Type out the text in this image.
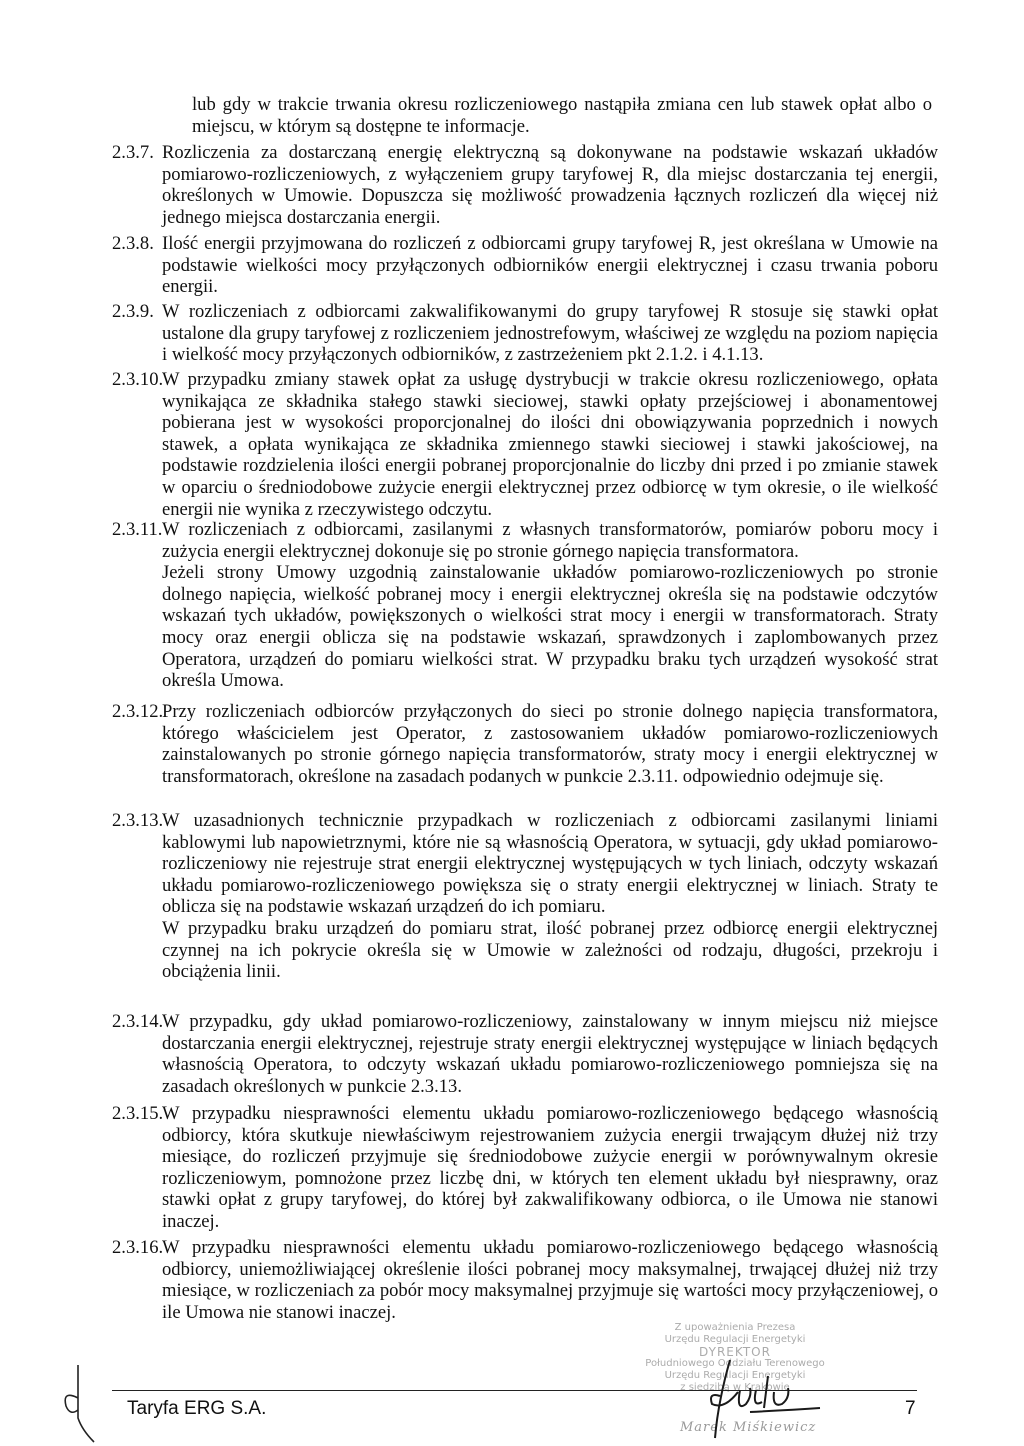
lub gdy w trakcie trwania okresu rozliczeniowego nastąpiła zmiana cen lub stawek opłat albo o miejscu, w którym są dostępne te informacje.
2.3.7. Rozliczenia za dostarczaną energię elektryczną są dokonywane na podstawie wskazań układów pomiarowo-rozliczeniowych, z wyłączeniem grupy taryfowej R, dla miejsc dostarczania tej energii, określonych w Umowie. Dopuszcza się możliwość prowadzenia łącznych rozliczeń dla więcej niż jednego miejsca dostarczania energii.

2.3.8. Ilość energii przyjmowana do rozliczeń z odbiorcami grupy taryfowej R, jest określana w Umowie na podstawie wielkości mocy przyłączonych odbiorników energii elektrycznej i czasu trwania poboru energii.

2.3.9. W rozliczeniach z odbiorcami zakwalifikowanymi do grupy taryfowej R stosuje się stawki opłat ustalone dla grupy taryfowej z rozliczeniem jednostrefowym, właściwej ze względu na poziom napięcia i wielkość mocy przyłączonych odbiorników, z zastrzeżeniem pkt 2.1.2. i 4.1.13.

2.3.10.

W przypadku zmiany stawek opłat za usługę dystrybucji w trakcie okresu rozliczeniowego, opłata wynikająca ze składnika stałego stawki sieciowej, stawki opłaty przejściowej i abonamentowej pobierana jest w wysokości proporcjonalnej do ilości dni obowiązywania poprzednich i nowych stawek, a opłata wynikająca ze składnika zmiennego stawki sieciowej i stawki jakościowej, na podstawie rozdzielenia ilości energii pobranej proporcjonalnie do liczby dni przed i po zmianie stawek w oparciu o średniodobowe zużycie energii elektrycznej przez odbiorcę w tym okresie, o ile wielkość energii nie wynika z rzeczywistego odczytu.

2.3.11. W rozliczeniach z odbiorcami, zasilanymi z własnych transformatorów, pomiarów poboru mocy i zużycia energii elektrycznej dokonuje się po stronie górnego napięcia transformatora.

Jeżeli strony Umowy uzgodnią zainstalowanie układów pomiarowo-rozliczeniowych po stronie dolnego napięcia, wielkość pobranej mocy i energii elektrycznej określa się na podstawie odczytów wskazań tych układów, powiększonych o wielkości strat mocy i energii w transformatorach. Straty mocy oraz energii oblicza się na podstawie wskazań, sprawdzonych i zaplombowanych przez Operatora, urządzeń do pomiaru wielkości strat. W przypadku braku tych urządzeń wysokość strat określa Umowa.

2.3.12.

Przy rozliczeniach odbiorców przyłączonych do sieci po stronie dolnego napięcia transformatora, którego właścicielem jest Operator, z zastosowaniem układów pomiarowo-rozliczeniowych zainstalowanych po stronie górnego napięcia transformatorów, straty mocy i energii elektrycznej w transformatorach, określone na zasadach podanych w punkcie 2.3.11. odpowiednio odejmuje się.

2.3.13.

W uzasadnionych technicznie przypadkach w rozliczeniach z odbiorcami zasilanymi liniami kablowymi lub napowietrznymi, które nie są własnością Operatora, w sytuacji, gdy układ pomiarowo-rozliczeniowy nie rejestruje strat energii elektrycznej występujących w tych liniach, odczyty wskazań układu pomiarowo-rozliczeniowego powiększa się o straty energii elektrycznej w liniach. Straty te oblicza się na podstawie wskazań urządzeń do ich pomiaru.

W przypadku braku urządzeń do pomiaru strat, ilość pobranej przez odbiorcę energii elektrycznej czynnej na ich pokrycie określa się w Umowie w zależności od rodzaju, długości, przekroju i obciążenia linii.

2.3.14.

W przypadku, gdy układ pomiarowo-rozliczeniowy, zainstalowany w innym miejscu niż miejsce dostarczania energii elektrycznej, rejestruje straty energii elektrycznej występujące w liniach będących własnością Operatora, to odczyty wskazań układu pomiarowo-rozliczeniowego pomniejsza się na zasadach określonych w punkcie 2.3.13.

2.3.15.

W przypadku niesprawności elementu układu pomiarowo-rozliczeniowego będącego własnością odbiorcy, która skutkuje niewłaściwym rejestrowaniem zużycia energii trwającym dłużej niż trzy miesiące, do rozliczeń przyjmuje się średniodobowe zużycie energii w porównywalnym okresie rozliczeniowym, pomnożone przez liczbę dni, w których ten element układu był niesprawny, oraz stawki opłat z grupy taryfowej, do której był zakwalifikowany odbiorca, o ile Umowa nie stanowi inaczej.

2.3.16.

W przypadku niesprawności elementu układu pomiarowo-rozliczeniowego będącego własnością odbiorcy, uniemożliwiającej określenie ilości pobranej mocy maksymalnej, trwającej dłużej niż trzy miesiące, w rozliczeniach za pobór mocy maksymalnej przyjmuje się wartości mocy przyłączeniowej, o ile Umowa nie stanowi inaczej.

Z upoważnienia Prezesa
Urzędu Regulacji Energetyki
DYREKTOR
Południowego Oddziału Terenowego
Urzędu Regulacji Energetyki
z siedzibą w Krakowie
Marek Miśkiewicz
Taryfa ERG S.A.	7
